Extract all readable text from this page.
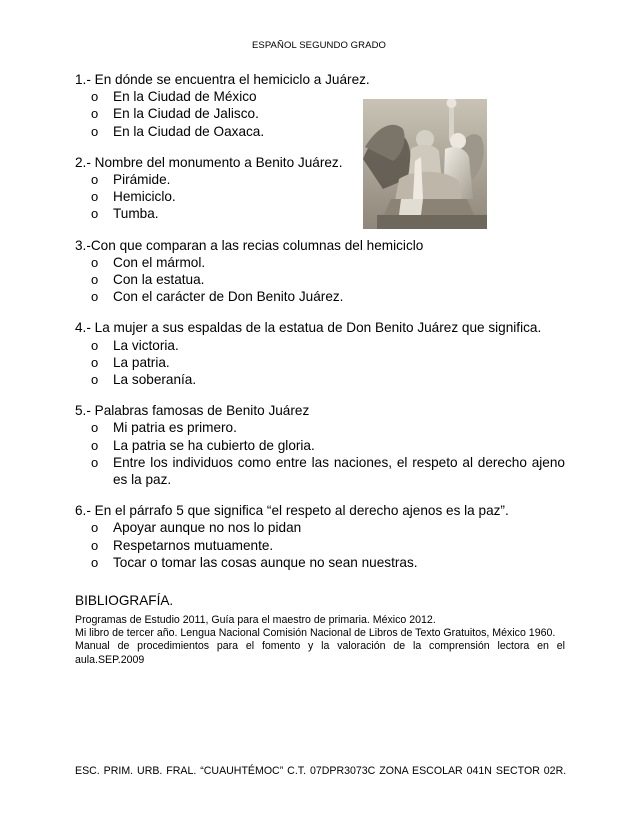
ESPAÑOL SEGUNDO GRADO

1.- En dónde se encuentra el hemiciclo a Juárez.

o En la Ciudad de México
o En la Ciudad de Jalisco.
o En la Ciudad de Oaxaca.

2.- Nombre del monumento a Benito Juárez.

o Pirámide.
o Hemiciclo.
o Tumba.

3.-Con que comparan a las recias columnas del hemiciclo

o Con el mármol.
o Con la estatua.
o Con el carácter de Don Benito Juárez.

4.- La mujer a sus espaldas de la estatua de Don Benito Juárez que significa.

o La victoria.
o La patria.
o La soberanía.

5.- Palabras famosas de Benito Juárez

o Mi patria es primero.
o La patria se ha cubierto de gloria.
o Entre los individuos como entre las naciones, el respeto al derecho ajeno es la paz.

6.- En el párrafo 5 que significa “el respeto al derecho ajenos es la paz”.

o Apoyar aunque no nos lo pidan
o Respetarnos mutuamente.
o Tocar o tomar las cosas aunque no sean nuestras.
BIBLIOGRAFÍA.

Programas de Estudio 2011, Guía para el maestro de primaria. México 2012.

Mi libro de tercer año. Lengua Nacional Comisión Nacional de Libros de Texto Gratuitos, México 1960.

Manual de procedimientos para el fomento y la valoración de la comprensión lectora en el aula.SEP.2009

ESC. PRIM. URB. FRAL. “CUAUHTÉMOC” C.T. 07DPR3073C ZONA ESCOLAR 041N SECTOR 02R.
